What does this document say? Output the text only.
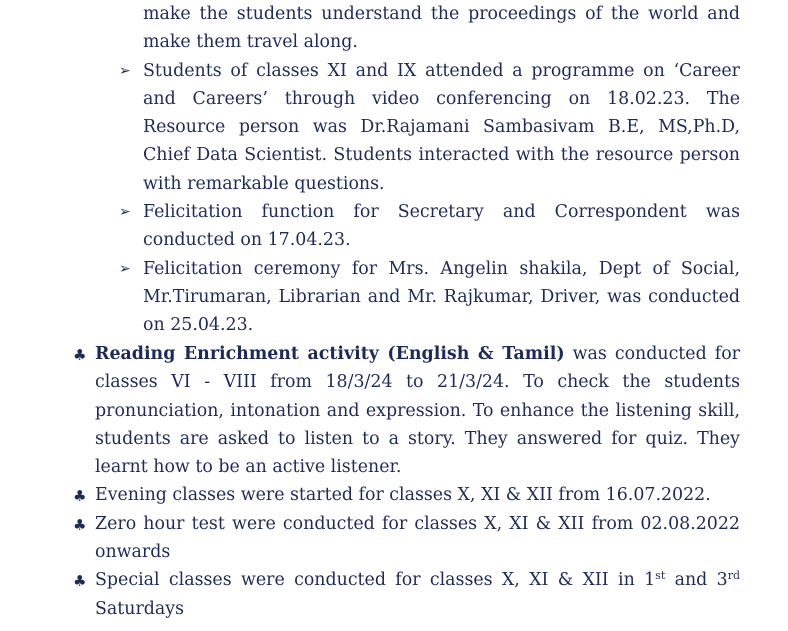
make the students understand the proceedings of the world and make them travel along.
➢ Students of classes XI and IX attended a programme on ‘Career and Careers’ through video conferencing on 18.02.23. The Resource person was Dr.Rajamani Sambasivam B.E, MS,Ph.D, Chief Data Scientist. Students interacted with the resource person with remarkable questions.
➢ Felicitation function for Secretary and Correspondent was conducted on 17.04.23.
➢ Felicitation ceremony for Mrs. Angelin shakila, Dept of Social, Mr.Tirumaran, Librarian and Mr. Rajkumar, Driver, was conducted on 25.04.23.
♣ Reading Enrichment activity (English & Tamil) was conducted for classes VI - VIII from 18/3/24 to 21/3/24. To check the students pronunciation, intonation and expression. To enhance the listening skill, students are asked to listen to a story. They answered for quiz. They learnt how to be an active listener.
♣ Evening classes were started for classes X, XI & XII from 16.07.2022.
♣ Zero hour test were conducted for classes X, XI & XII from 02.08.2022 onwards
♣ Special classes were conducted for classes X, XI & XII in 1st and 3rd Saturdays
